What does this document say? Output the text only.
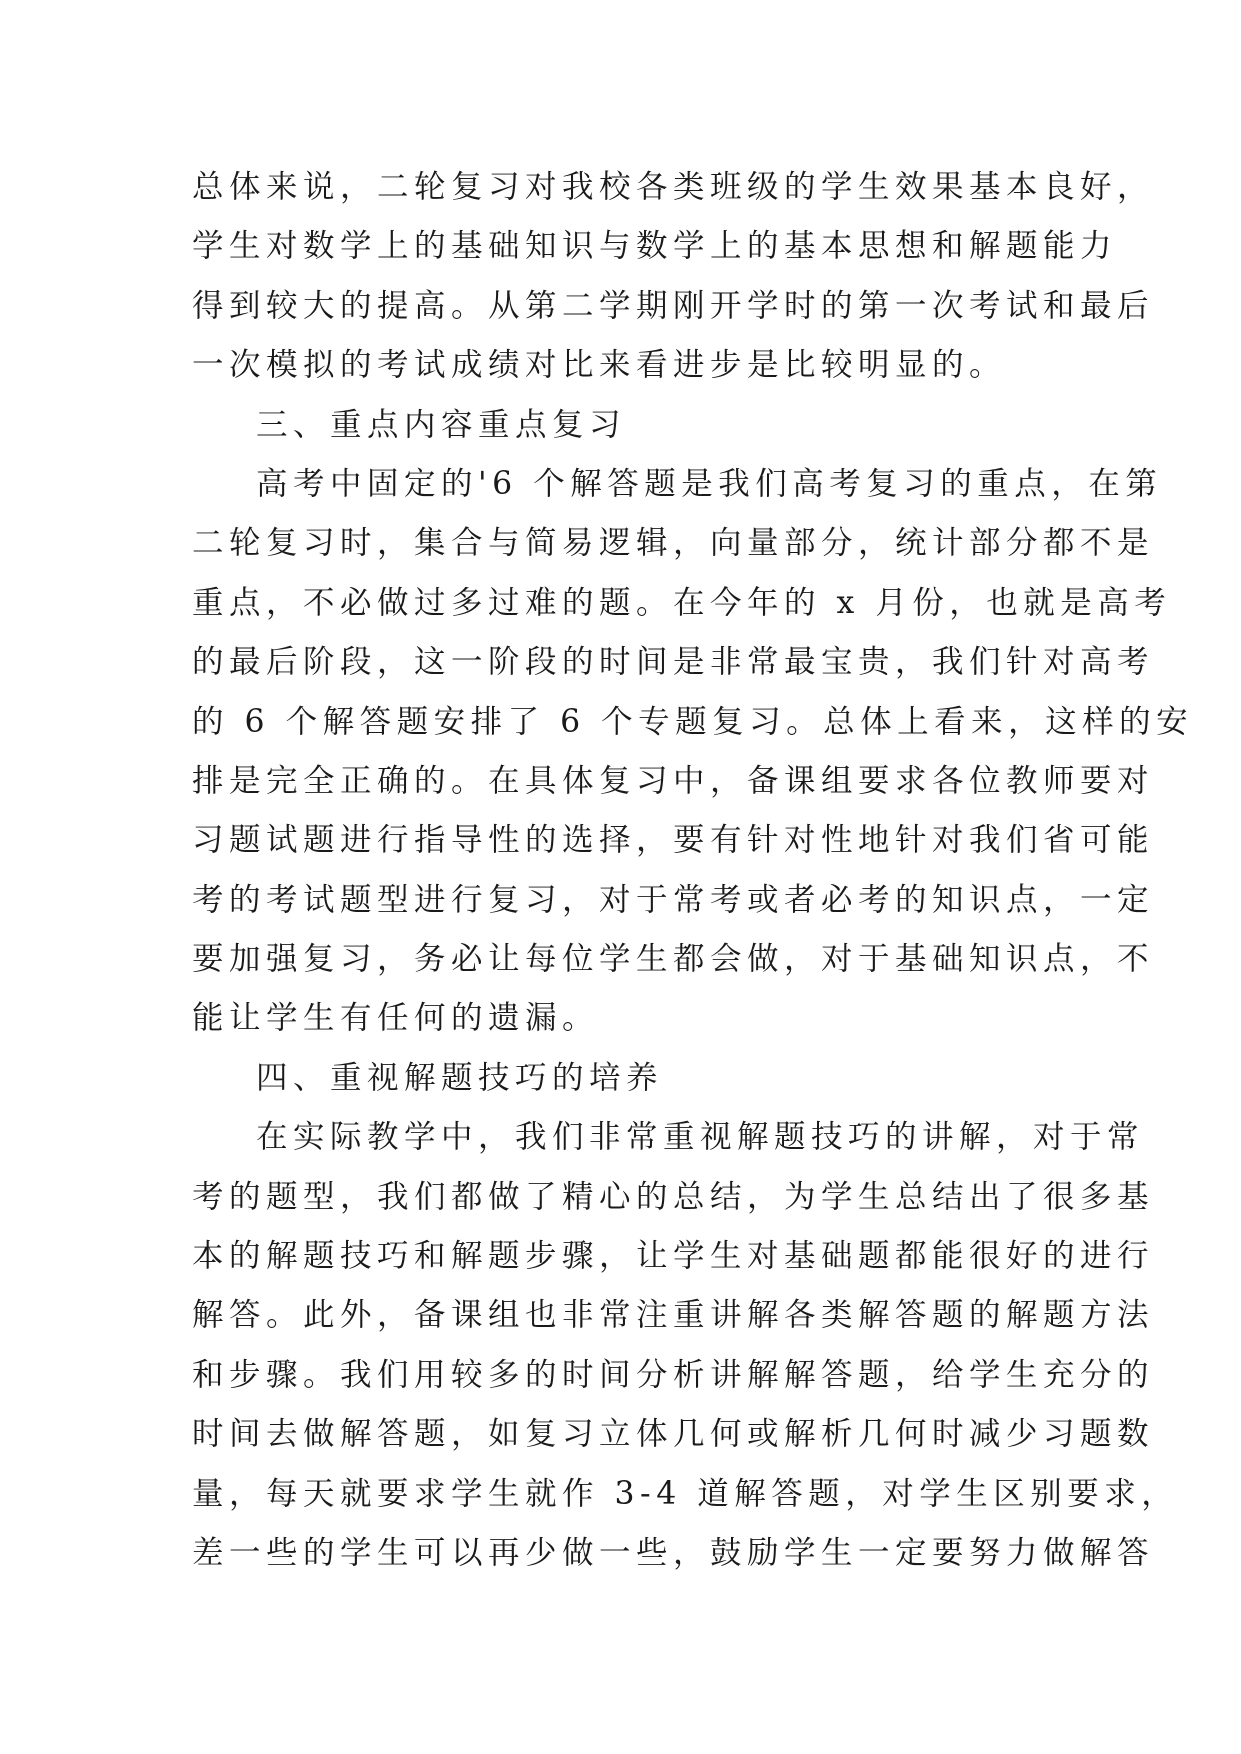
总体来说，二轮复习对我校各类班级的学生效果基本良好，
学生对数学上的基础知识与数学上的基本思想和解题能力
得到较大的提高。从第二学期刚开学时的第一次考试和最后
一次模拟的考试成绩对比来看进步是比较明显的。
三、重点内容重点复习
高考中固定的'6 个解答题是我们高考复习的重点，在第
二轮复习时，集合与简易逻辑，向量部分，统计部分都不是
重点，不必做过多过难的题。在今年的 x 月份，也就是高考
的最后阶段，这一阶段的时间是非常最宝贵，我们针对高考
的 6 个解答题安排了 6 个专题复习。总体上看来，这样的安
排是完全正确的。在具体复习中，备课组要求各位教师要对
习题试题进行指导性的选择，要有针对性地针对我们省可能
考的考试题型进行复习，对于常考或者必考的知识点，一定
要加强复习，务必让每位学生都会做，对于基础知识点，不
能让学生有任何的遗漏。
四、重视解题技巧的培养
在实际教学中，我们非常重视解题技巧的讲解，对于常
考的题型，我们都做了精心的总结，为学生总结出了很多基
本的解题技巧和解题步骤，让学生对基础题都能很好的进行
解答。此外，备课组也非常注重讲解各类解答题的解题方法
和步骤。我们用较多的时间分析讲解解答题，给学生充分的
时间去做解答题，如复习立体几何或解析几何时减少习题数
量，每天就要求学生就作 3-4 道解答题，对学生区别要求，
差一些的学生可以再少做一些，鼓励学生一定要努力做解答
